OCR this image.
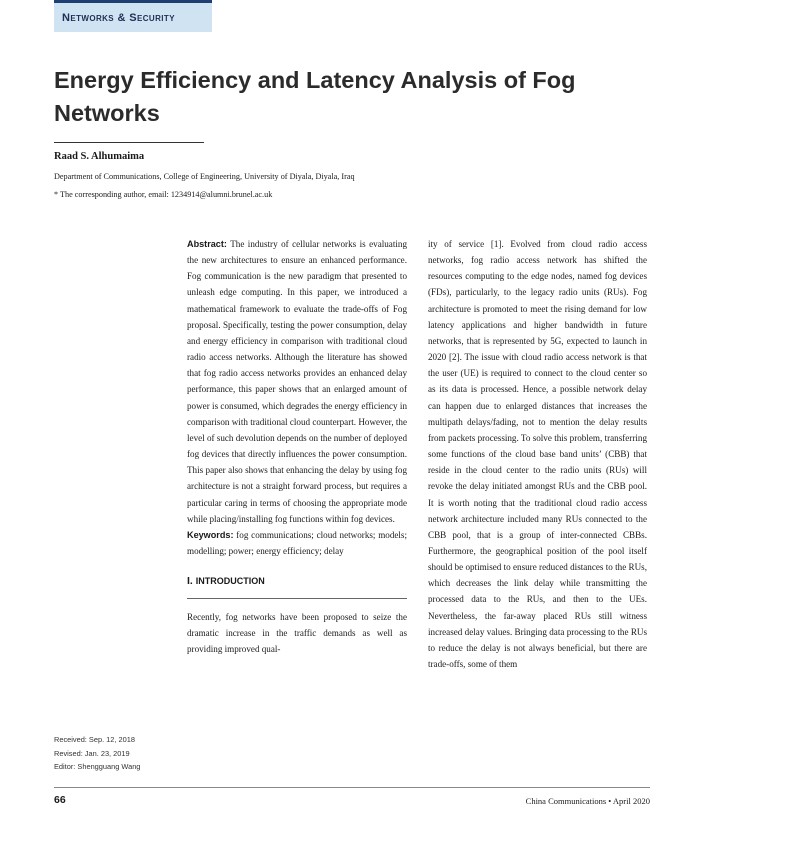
Networks & Security
Energy Efficiency and Latency Analysis of Fog Networks
Raad S. Alhumaima
Department of Communications, College of Engineering, University of Diyala, Diyala, Iraq
* The corresponding author, email: 1234914@alumni.brunel.ac.uk

Abstract: The industry of cellular networks is evaluating the new architectures to ensure an enhanced performance. Fog communication is the new paradigm that presented to unleash edge computing. In this paper, we introduced a mathematical framework to evaluate the trade-offs of Fog proposal. Specifically, testing the power consumption, delay and energy efficiency in comparison with traditional cloud radio access networks. Although the literature has showed that fog radio access networks provides an enhanced delay performance, this paper shows that an enlarged amount of power is consumed, which degrades the energy efficiency in comparison with traditional cloud counterpart. However, the level of such devolution depends on the number of deployed fog devices that directly influences the power consumption. This paper also shows that enhancing the delay by using fog architecture is not a straight forward process, but requires a particular caring in terms of choosing the appropriate mode while placing/installing fog functions within fog devices.

Keywords: fog communications; cloud networks; models; modelling; power; energy efficiency; delay

I. INTRODUCTION

Recently, fog networks have been proposed to seize the dramatic increase in the traffic demands as well as providing improved qual-

ity of service [1]. Evolved from cloud radio access networks, fog radio access network has shifted the resources computing to the edge nodes, named fog devices (FDs), particularly, to the legacy radio units (RUs). Fog architecture is promoted to meet the rising demand for low latency applications and higher bandwidth in future networks, that is represented by 5G, expected to launch in 2020 [2]. The issue with cloud radio access network is that the user (UE) is required to connect to the cloud center so as its data is processed. Hence, a possible network delay can happen due to enlarged distances that increases the multipath delays/fading, not to mention the delay results from packets processing. To solve this problem, transferring some functions of the cloud base band units’ (CBB) that reside in the cloud center to the radio units (RUs) will revoke the delay initiated amongst RUs and the CBB pool. It is worth noting that the traditional cloud radio access network architecture included many RUs connected to the CBB pool, that is a group of inter-connected CBBs. Furthermore, the geographical position of the pool itself should be optimised to ensure reduced distances to the RUs, which decreases the link delay while transmitting the processed data to the RUs, and then to the UEs. Nevertheless, the far-away placed RUs still witness increased delay values. Bringing data processing to the RUs to reduce the delay is not always beneficial, but there are trade-offs, some of them

Received: Sep. 12, 2018
Revised: Jan. 23, 2019
Editor: Shengguang Wang
66	China Communications • April 2020
